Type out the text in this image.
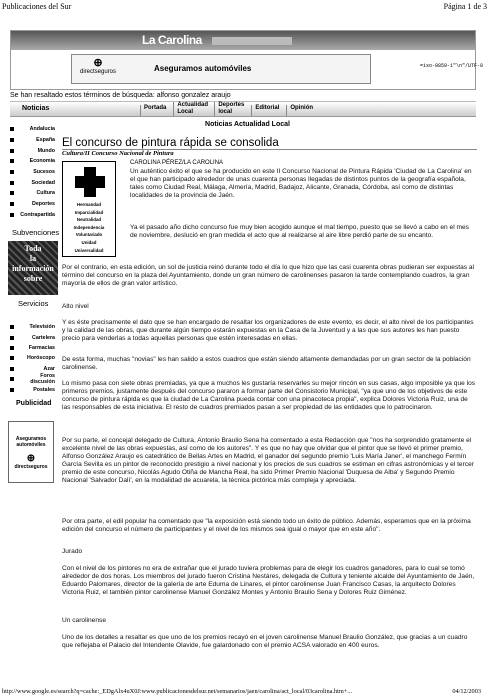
Publicaciones del Sur	Página 1 de 3
La Carolina
⊕
directseguros	Aseguramos automóviles	=iso-8859-1"\n"/UTF-8
Se han resaltado estos términos de búsqueda: alfonso gonzalez araujo
Noticias	Portada	Actualidad Local
Deportes local
Editorial	Opinión
Noticias Actualidad Local
Andalucía
España
Mundo
Economía
Sucesos
Sociedad
Cultura
Deportes
Contrapartida
Subvenciones
Toda
la
información
sobre
Servicios
Televisión
Cartelera
Farmacias
Horóscopo
Azar
Foros discusión
Postales
Publicidad
Aseguramos automóviles
⊕
directseguros
El concurso de pintura rápida se consolida
Cultura/II Concurso Nacional de Pintura
Hermandad
Imparcialidad
Neutralidad
Independencia
Voluntariado
Unidad
Universalidad
CAROLINA PÉREZ/LA CAROLINA
Un auténtico éxito el que se ha producido en este II Concurso Nacional de Pintura Rápida 'Ciudad de La Carolina' en el que han participado alrededor de unas cuarenta personas llegadas de distintos puntos de la geografía española, tales como Ciudad Real, Málaga, Almería, Madrid, Badajoz, Alicante, Granada, Córdoba, así como de distintas localidades de la provincia de Jaén.
Ya el pasado año dicho concurso fue muy bien acogido aunque el mal tiempo, puesto que se llevó a cabo en el mes de noviembre, deslució en gran medida el acto que al realizarse al aire libre perdió parte de su encanto.
Por el contrario, en esta edición, un sol de justicia reinó durante todo el día lo que hizo que las casi cuarenta obras pudieran ser expuestas al término del concurso en la plaza del Ayuntamiento, donde un gran número de carolinenses pasaron la tarde contemplando cuadros, la gran mayoría de ellos de gran valor artístico.
Alto nivel
Y es éste precisamente el dato que se han encargado de resaltar los organizadores de este evento, es decir, el alto nivel de los participantes y la calidad de las obras, que durante algún tiempo estarán expuestas en la Casa de la Juventud y a las que sus autores les han puesto precio para venderlas a todas aquellas personas que estén interesadas en ellas.
De esta forma, muchas "novias" les han salido a estos cuadros que están siendo altamente demandadas por un gran sector de la población carolinense.
Lo mismo pasa con siete obras premiadas, ya que a muchos les gustaría reservarles su mejor rincón en sus casas, algo imposible ya que los primeros premios, justamente después del concurso pararon a formar parte del Consistorio Municipal, "ya que uno de los objetivos de este concurso de pintura rápida es que la ciudad de La Carolina pueda contar con una pinacoteca propia", explica Dolores Victoria Ruiz, una de las responsables de esta iniciativa. El resto de cuadros premiados pasan a ser propiedad de las entidades que lo patrocinaron.
Por su parte, el concejal delegado de Cultura, Antonio Braulio Sena ha comentado a esta Redacción que "nos ha sorprendido gratamente el excelente nivel de las obras expuestas, así como de los autores". Y es que no hay que olvidar que el pintor que se llevó el primer premio, Alfonso González Araujo es catedrático de Bellas Artes en Madrid, el ganador del segundo premio 'Luis María Janer', el manchego Fermín García Sevilla es un pintor de reconocido prestigio a nivel nacional y los precios de sus cuadros se estiman en cifras astronómicas y el tercer premio de este concurso, Nicolás Agudo Otiña de Mancha Real, ha sido Primer Premio Nacional 'Duquesa de Alba' y Segundo Premio Nacional 'Salvador Dalí', en la modalidad de acuarela, la técnica pictórica más compleja y apreciada.
Por otra parte, el edil popular ha comentado que "la exposición está siendo todo un éxito de público. Además, esperamos que en la próxima edición del concurso el número de participantes y el nivel de los mismos sea igual o mayor que en este año".
Jurado
Con el nivel de los pintores no era de extrañar que el jurado tuviera problemas para de elegir los cuadros ganadores, para lo cual se tomó alrededor de dos horas. Los miembros del jurado fueron Cristina Nestáres, delegada de Cultura y teniente alcalde del Ayuntamiento de Jaén, Eduardo Palomares, director de la galería de arte Eduma de Linares, el pintor carolinense Juan Francisco Casas, la arquitecto Dolores Victoria Ruiz, el también pintor carolinense Manuel González Montes y Antonio Braulio Sena y Dolores Ruiz Giménez.
Un carolinense
Uno de los detalles a resaltar es que uno de los premios recayó en el joven carolinense Manuel Braulio González, que gracias a un cuadro que reflejaba el Palacio del Intendente Olavide, fue galardonado con el premio ACSA valorado en 400 euros.
http://www.google.es/search?q=cache:_EDgAlx4uX0J:www.publicacionesdelsur.net/semanarios/jaen/carolina/act_local/03carolina.htm+...	04/12/2003
